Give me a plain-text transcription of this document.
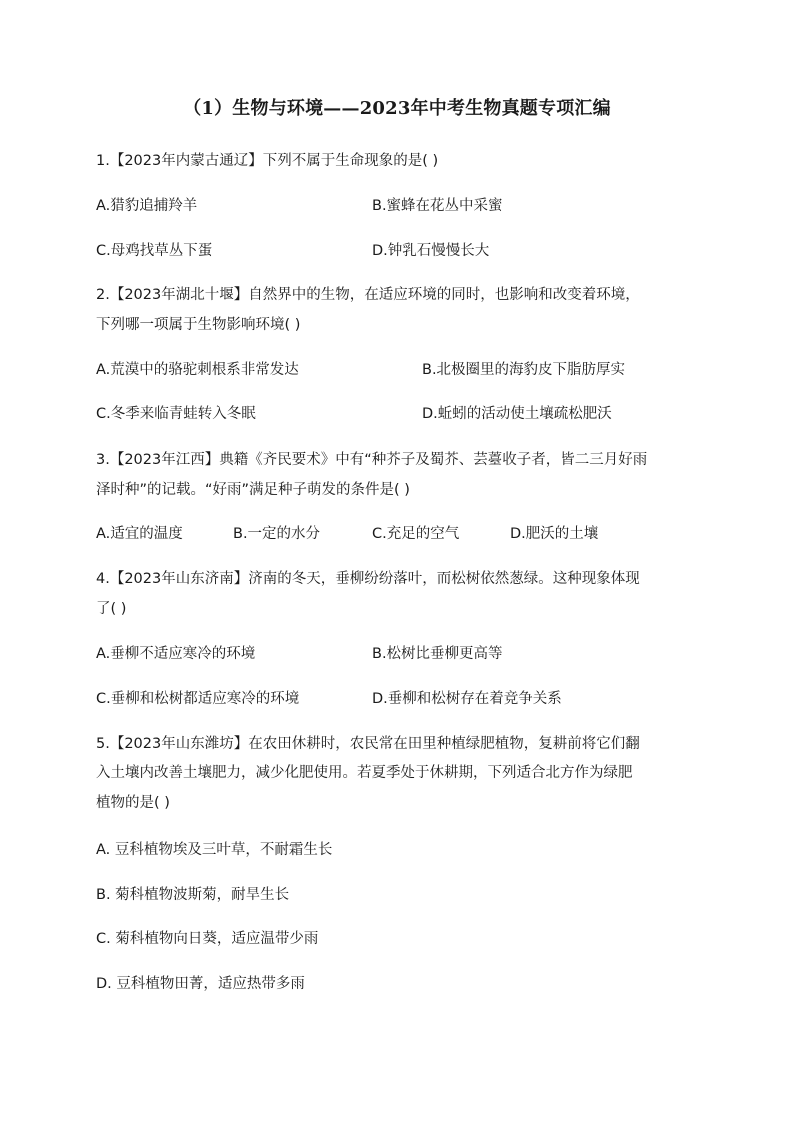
（1）生物与环境——2023年中考生物真题专项汇编
1.【2023年内蒙古通辽】下列不属于生命现象的是( )
A.猎豹追捕羚羊	B.蜜蜂在花丛中采蜜
C.母鸡找草丛下蛋	D.钟乳石慢慢长大
2.【2023年湖北十堰】自然界中的生物，在适应环境的同时，也影响和改变着环境，
下列哪一项属于生物影响环境( )
A.荒漠中的骆驼刺根系非常发达	B.北极圈里的海豹皮下脂肪厚实
C.冬季来临青蛙转入冬眠	D.蚯蚓的活动使土壤疏松肥沃
3.【2023年江西】典籍《齐民要术》中有“种芥子及蜀芥、芸薹收子者，皆二三月好雨
泽时种”的记载。“好雨”满足种子萌发的条件是( )
A.适宜的温度	B.一定的水分	C.充足的空气	D.肥沃的土壤
4.【2023年山东济南】济南的冬天，垂柳纷纷落叶，而松树依然葱绿。这种现象体现
了( )
A.垂柳不适应寒冷的环境	B.松树比垂柳更高等
C.垂柳和松树都适应寒冷的环境	D.垂柳和松树存在着竞争关系
5.【2023年山东潍坊】在农田休耕时，农民常在田里种植绿肥植物，复耕前将它们翻
入土壤内改善土壤肥力，减少化肥使用。若夏季处于休耕期，下列适合北方作为绿肥
植物的是( )
A. 豆科植物埃及三叶草，不耐霜生长
B. 菊科植物波斯菊，耐旱生长
C. 菊科植物向日葵，适应温带少雨
D. 豆科植物田菁，适应热带多雨
